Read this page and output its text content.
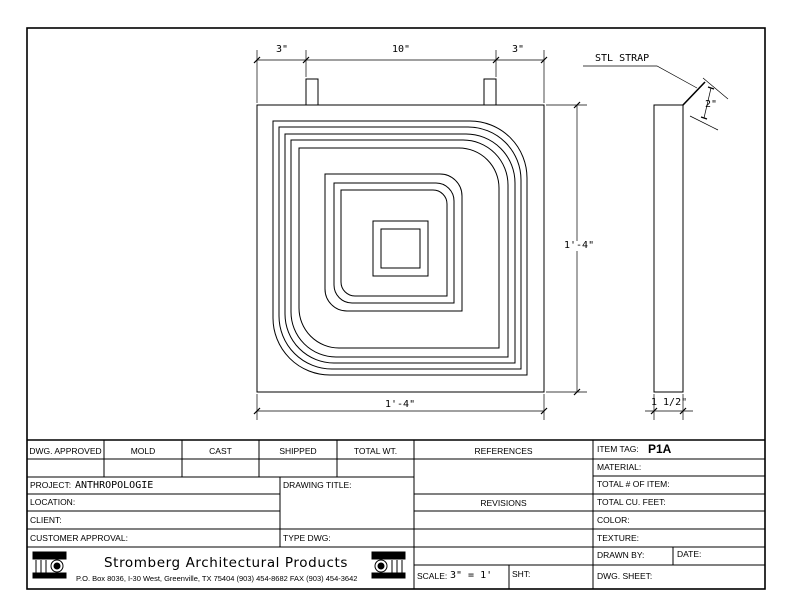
3"	10"	3"
1'-4"
1'-4"
STL STRAP
2"
1 1/2"
DWG. APPROVED	MOLD	CAST	SHIPPED	TOTAL WT.	REFERENCES
REVISIONS
PROJECT: ANTHROPOLOGIE
LOCATION:
CLIENT:
CUSTOMER APPROVAL:
DRAWING TITLE:
TYPE DWG:
Stromberg Architectural Products
P.O. Box 8036, I-30 West, Greenville, TX 75404 (903) 454-8682 FAX (903) 454-3642	SCALE: 3" = 1' SHT:
ITEM TAG: P1A
MATERIAL:
TOTAL # OF ITEM:
TOTAL CU. FEET:
COLOR:
TEXTURE:
DRAWN BY:	DATE:
DWG. SHEET:
